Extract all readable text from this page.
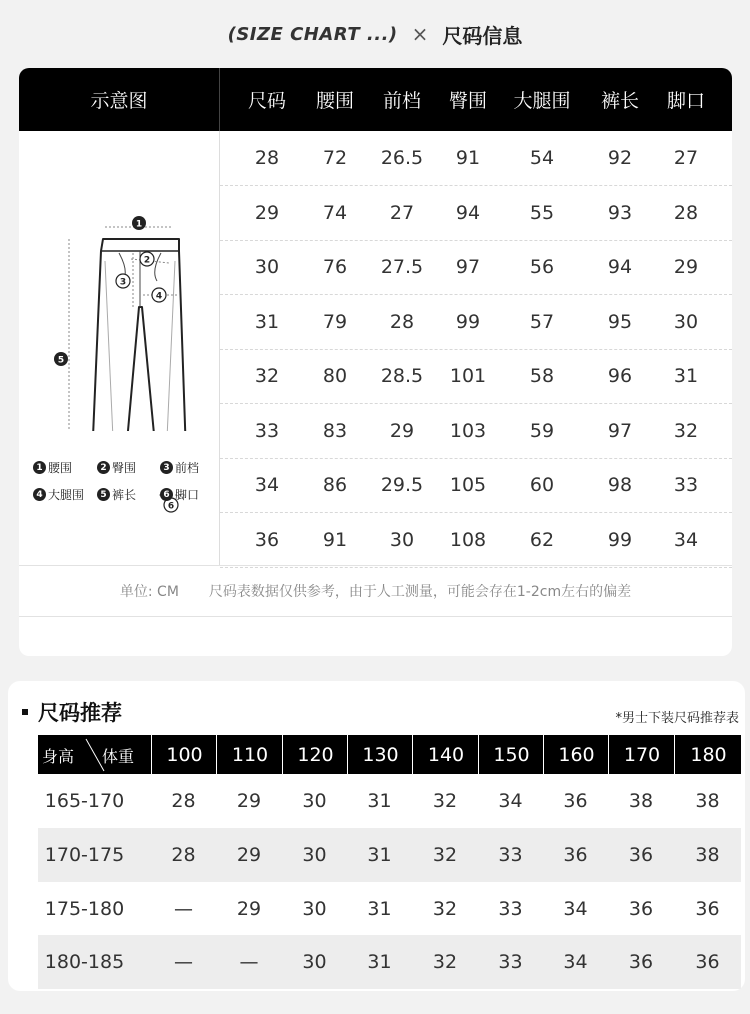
(SIZE CHART ...) × 尺码信息
示意图	尺码	腰围	前档	臀围	大腿围	裤长	脚口
1
2
3
4
5
6
1 腰围	2 臀围	3 前档
4 大腿围	5 裤长	6 脚口
28	72	26.5	91	54	92	27
29	74	27	94	55	93	28
30	76	27.5	97	56	94	29
31	79	28	99	57	95	30
32	80	28.5	101	58	96	31
33	83	29	103	59	97	32
34	86	29.5	105	60	98	33
36	91	30	108	62	99	34
单位: CM 尺码表数据仅供参考，由于人工测量，可能会存在1-2cm左右的偏差
尺码推荐	*男士下装尺码推荐表
身高 体重	100	110	120	130	140	150	160	170	180
165-170	28	29	30	31	32	34	36	38	38
170-175	28	29	30	31	32	33	36	36	38
175-180	—	29	30	31	32	33	34	36	36
180-185	—	—	30	31	32	33	34	36	36
